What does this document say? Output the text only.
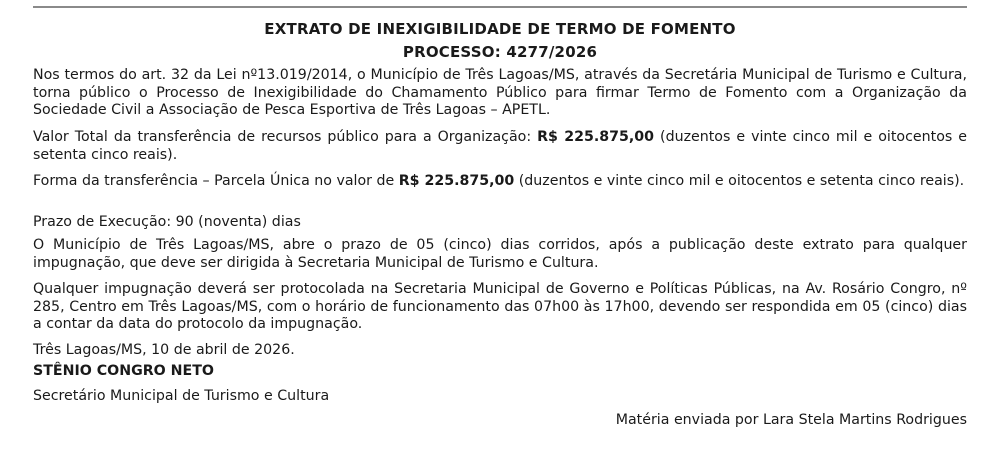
EXTRATO DE INEXIGIBILIDADE DE TERMO DE FOMENTO
PROCESSO: 4277/2026

Nos termos do art. 32 da Lei nº13.019/2014, o Município de Três Lagoas/MS, através da Secretária Municipal de Turismo e Cultura, torna público o Processo de Inexigibilidade do Chamamento Público para firmar Termo de Fomento com a Organização da Sociedade Civil a Associação de Pesca Esportiva de Três Lagoas – APETL.

Valor Total da transferência de recursos público para a Organização: R$ 225.875,00 (duzentos e vinte cinco mil e oitocentos e setenta cinco reais).

Forma da transferência – Parcela Única no valor de R$ 225.875,00 (duzentos e vinte cinco mil e oitocentos e setenta cinco reais).

Prazo de Execução: 90 (noventa) dias

O Município de Três Lagoas/MS, abre o prazo de 05 (cinco) dias corridos, após a publicação deste extrato para qualquer impugnação, que deve ser dirigida à Secretaria Municipal de Turismo e Cultura.

Qualquer impugnação deverá ser protocolada na Secretaria Municipal de Governo e Políticas Públicas, na Av. Rosário Congro, nº 285, Centro em Três Lagoas/MS, com o horário de funcionamento das 07h00 às 17h00, devendo ser respondida em 05 (cinco) dias a contar da data do protocolo da impugnação.

Três Lagoas/MS, 10 de abril de 2026.

STÊNIO CONGRO NETO
Secretário Municipal de Turismo e Cultura
Matéria enviada por Lara Stela Martins Rodrigues
